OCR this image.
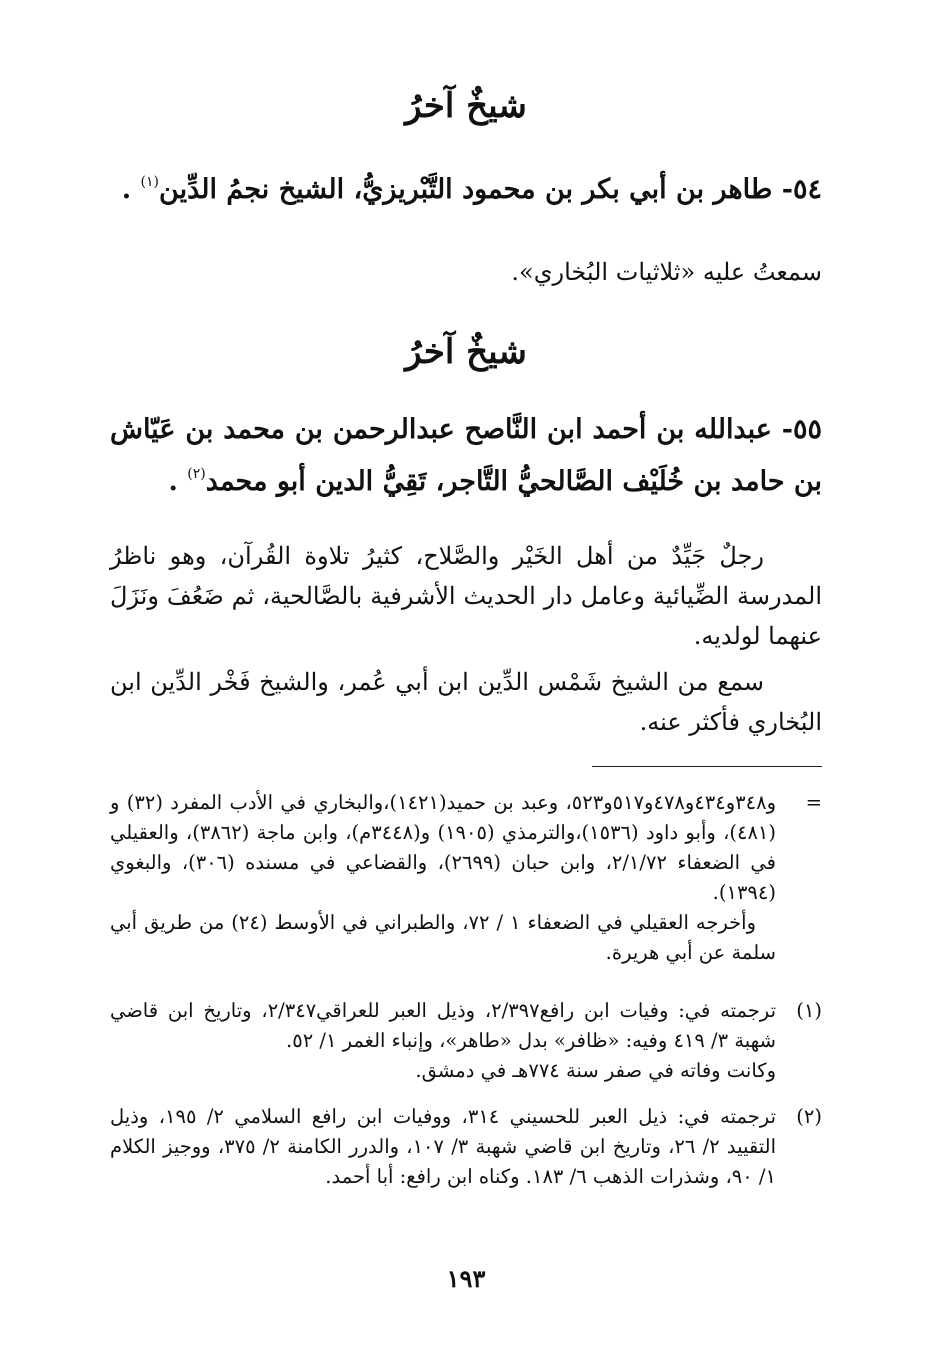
شيخٌ آخرُ
٥٤- طاهر بن أبي بكر بن محمود التَّبْريزيُّ، الشيخ نجمُ الدِّين$^{(١)}$ .
سمعتُ عليه «ثلاثيات البُخاري».
شيخٌ آخرُ
٥٥- عبدالله بن أحمد ابن النَّاصح عبدالرحمن بن محمد بن عَيّاش بن حامد بن خُلَيْف الصَّالحيُّ التَّاجر، تَقِيُّ الدين أبو محمد$^{(٢)}$ .
رجلٌ جَيِّدٌ من أهل الخَيْر والصَّلاح، كثيرُ تلاوة القُرآن، وهو ناظرُ المدرسة الضِّيائية وعامل دار الحديث الأشرفية بالصَّالحية، ثم ضَعُفَ ونَزَلَ عنهما لولديه.
سمع من الشيخ شَمْس الدِّين ابن أبي عُمر، والشيخ فَخْر الدِّين ابن البُخاري فأكثر عنه.
=

و٣٤٨و٤٣٤و٤٧٨و٥١٧و٥٢٣، وعبد بن حميد(١٤٢١)،والبخاري في الأدب المفرد (٣٢) و (٤٨١)، وأبو داود (١٥٣٦)،والترمذي (١٩٠٥) و(٣٤٤٨م)، وابن ماجة (٣٨٦٢)، والعقيلي في الضعفاء ٢/١/٧٢، وابن حبان (٢٦٩٩)، والقضاعي في مسنده (٣٠٦)، والبغوي (١٣٩٤).

وأخرجه العقيلي في الضعفاء ١ / ٧٢، والطبراني في الأوسط (٢٤) من طريق أبي سلمة عن أبي هريرة.

(١)

ترجمته في: وفيات ابن رافع٢/٣٩٧، وذيل العبر للعراقي٢/٣٤٧، وتاريخ ابن قاضي شهبة ٣/ ٤١٩ وفيه: «ظافر» بدل «طاهر»، وإنباء الغمر ١/ ٥٢.

وكانت وفاته في صفر سنة ٧٧٤هـ في دمشق.

(٢)

ترجمته في: ذيل العبر للحسيني ٣١٤، ووفيات ابن رافع السلامي ٢/ ١٩٥، وذيل التقييد ٢/ ٢٦، وتاريخ ابن قاضي شهبة ٣/ ١٠٧، والدرر الكامنة ٢/ ٣٧٥، ووجيز الكلام ١/ ٩٠، وشذرات الذهب ٦/ ١٨٣. وكناه ابن رافع: أبا أحمد.

١٩٣
